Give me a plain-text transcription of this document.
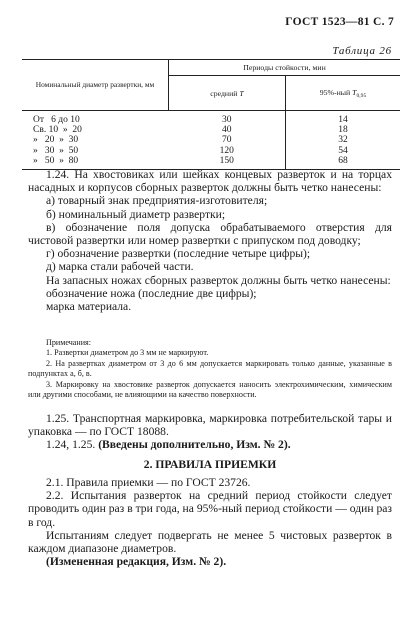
ГОСТ 1523—81 С. 7
Таблица 26
Номинальный диаметр развертки, мм	Периоды стойкости, мин	
	средний T	95%-ный $T_{0,95}$
От   6 до 10	30	14
Св. 10  »  20	40	18
»   20  »  30	70	32
»   30  »  50	120	54
»   50  »  80	150	68

1.24. На хвостовиках или шейках концевых разверток и на торцах насадных и корпусов сборных разверток должны быть четко нанесены:

а) товарный знак предприятия-изготовителя;

б) номинальный диаметр развертки;

в) обозначение поля допуска обрабатываемого отверстия для чистовой развертки или номер развертки с припуском под доводку;

г) обозначение развертки (последние четыре цифры);

д) марка стали рабочей части.

На запасных ножах сборных разверток должны быть четко нанесены:

обозначение ножа (последние две цифры);

марка материала.

Примечания:

1. Развертки диаметром до 3 мм не маркируют.

2. На развертках диаметром от 3 до 6 мм допускается маркировать только данные, указанные в подпунктах а, б, в.

3. Маркировку на хвостовике разверток допускается наносить электрохимическим, химическим или другими способами, не влияющими на качество поверхности.

1.25. Транспортная маркировка, маркировка потребительской тары и упаковка — по ГОСТ 18088.

1.24, 1.25. (Введены дополнительно, Изм. № 2).

2. ПРАВИЛА ПРИЕМКИ

2.1. Правила приемки — по ГОСТ 23726.

2.2. Испытания разверток на средний период стойкости следует проводить один раз в три года, на 95%-ный период стойкости — один раз в год.

Испытаниям следует подвергать не менее 5 чистовых разверток в каждом диапазоне диаметров.

(Измененная редакция, Изм. № 2).
